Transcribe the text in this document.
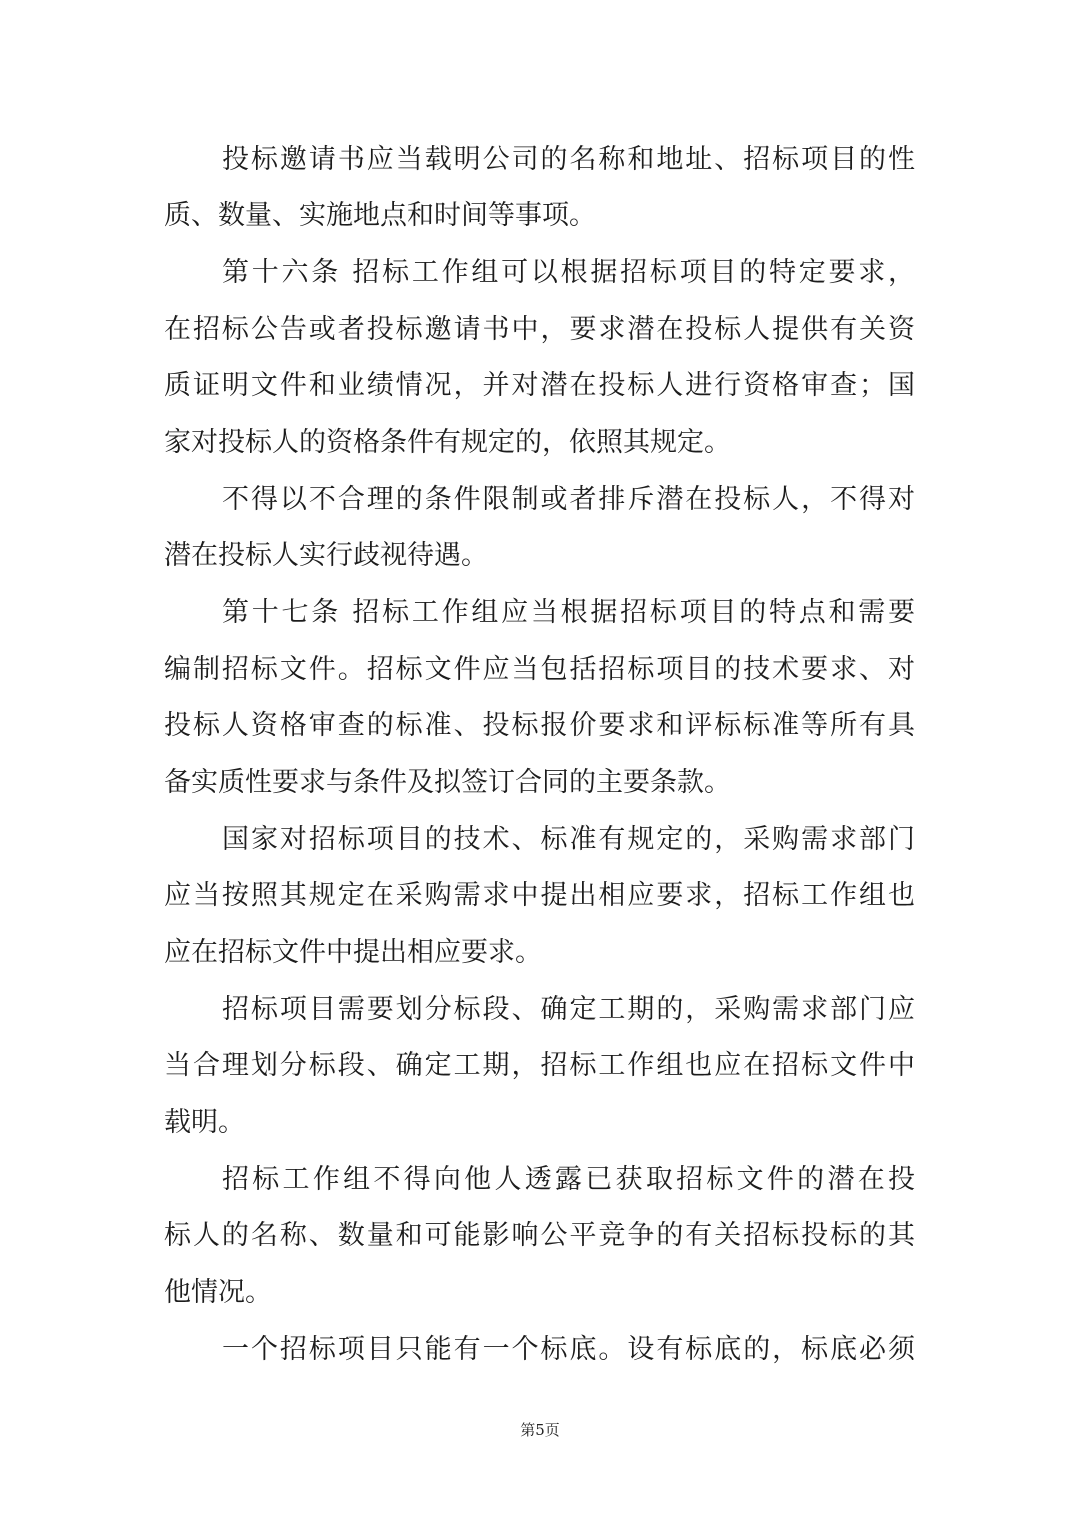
投标邀请书应当载明公司的名称和地址、招标项目的性
质、数量、实施地点和时间等事项。
第十六条 招标工作组可以根据招标项目的特定要求，
在招标公告或者投标邀请书中，要求潜在投标人提供有关资
质证明文件和业绩情况，并对潜在投标人进行资格审查；国
家对投标人的资格条件有规定的，依照其规定。
不得以不合理的条件限制或者排斥潜在投标人，不得对
潜在投标人实行歧视待遇。
第十七条 招标工作组应当根据招标项目的特点和需要
编制招标文件。招标文件应当包括招标项目的技术要求、对
投标人资格审查的标准、投标报价要求和评标标准等所有具
备实质性要求与条件及拟签订合同的主要条款。
国家对招标项目的技术、标准有规定的，采购需求部门
应当按照其规定在采购需求中提出相应要求，招标工作组也
应在招标文件中提出相应要求。
招标项目需要划分标段、确定工期的，采购需求部门应
当合理划分标段、确定工期，招标工作组也应在招标文件中
载明。
招标工作组不得向他人透露已获取招标文件的潜在投
标人的名称、数量和可能影响公平竞争的有关招标投标的其
他情况。
一个招标项目只能有一个标底。设有标底的，标底必须
第5页
